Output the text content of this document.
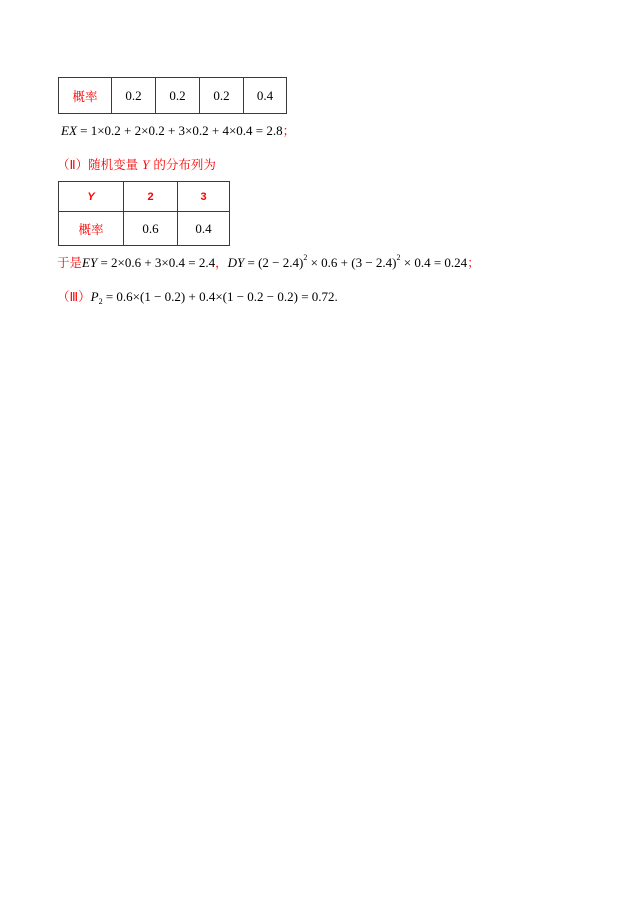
概率	0.2	0.2	0.2	0.4
EX = 1×0.2 + 2×0.2 + 3×0.2 + 4×0.4 = 2.8；
（Ⅱ）随机变量 Y 的分布列为
Y	2	3
概率	0.6	0.4
于是EY = 2×0.6 + 3×0.4 = 2.4，DY = $(2 - 2.4)^2 \times 0.6 + (3 - 2.4)^2 \times 0.4 = 0.24$；
$(Ⅲ)P_2 = 0.6\times(1 - 0.2) + 0.4\times(1 - 0.2 - 0.2) = 0.72$.
